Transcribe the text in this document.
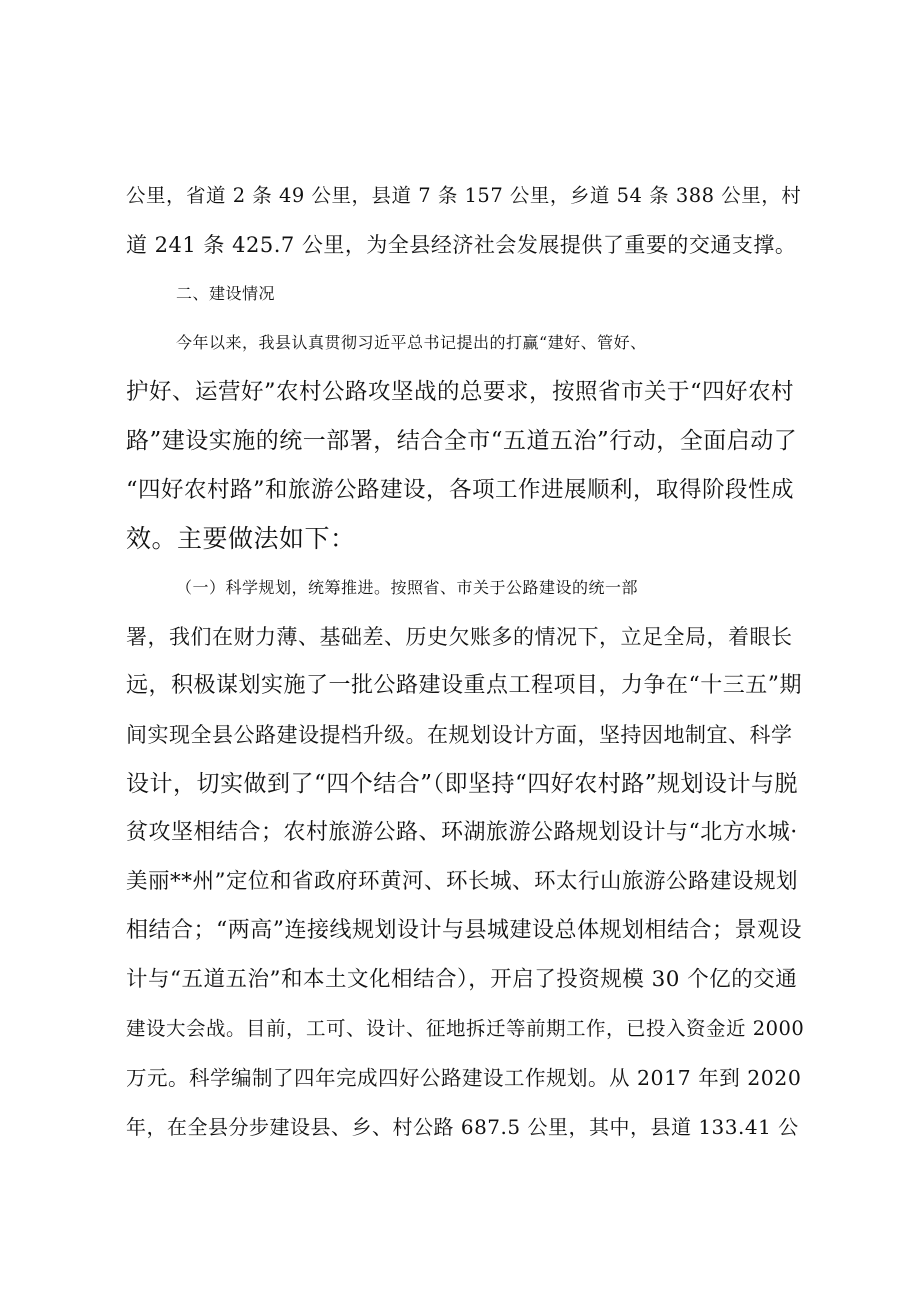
公里，省道 2 条 49 公里，县道 7 条 157 公里，乡道 54 条 388 公里，村
道 241 条 425.7 公里，为全县经济社会发展提供了重要的交通支撑。
二、建设情况
今年以来，我县认真贯彻习近平总书记提出的打赢“建好、管好、
护好、运营好”农村公路攻坚战的总要求，按照省市关于“四好农村
路”建设实施的统一部署，结合全市“五道五治”行动，全面启动了
“四好农村路”和旅游公路建设，各项工作进展顺利，取得阶段性成
效。主要做法如下：
（一）科学规划，统筹推进。按照省、市关于公路建设的统一部
署，我们在财力薄、基础差、历史欠账多的情况下，立足全局，着眼长
远，积极谋划实施了一批公路建设重点工程项目，力争在“十三五”期
间实现全县公路建设提档升级。在规划设计方面，坚持因地制宜、科学
设计，切实做到了“四个结合”（即坚持“四好农村路”规划设计与脱
贫攻坚相结合；农村旅游公路、环湖旅游公路规划设计与“北方水城·
美丽**州”定位和省政府环黄河、环长城、环太行山旅游公路建设规划
相结合；“两高”连接线规划设计与县城建设总体规划相结合；景观设
计与“五道五治”和本土文化相结合），开启了投资规模 30 个亿的交通
建设大会战。目前，工可、设计、征地拆迁等前期工作，已投入资金近 2000
万元。科学编制了四年完成四好公路建设工作规划。从 2017 年到 2020
年，在全县分步建设县、乡、村公路 687.5 公里，其中，县道 133.41 公
